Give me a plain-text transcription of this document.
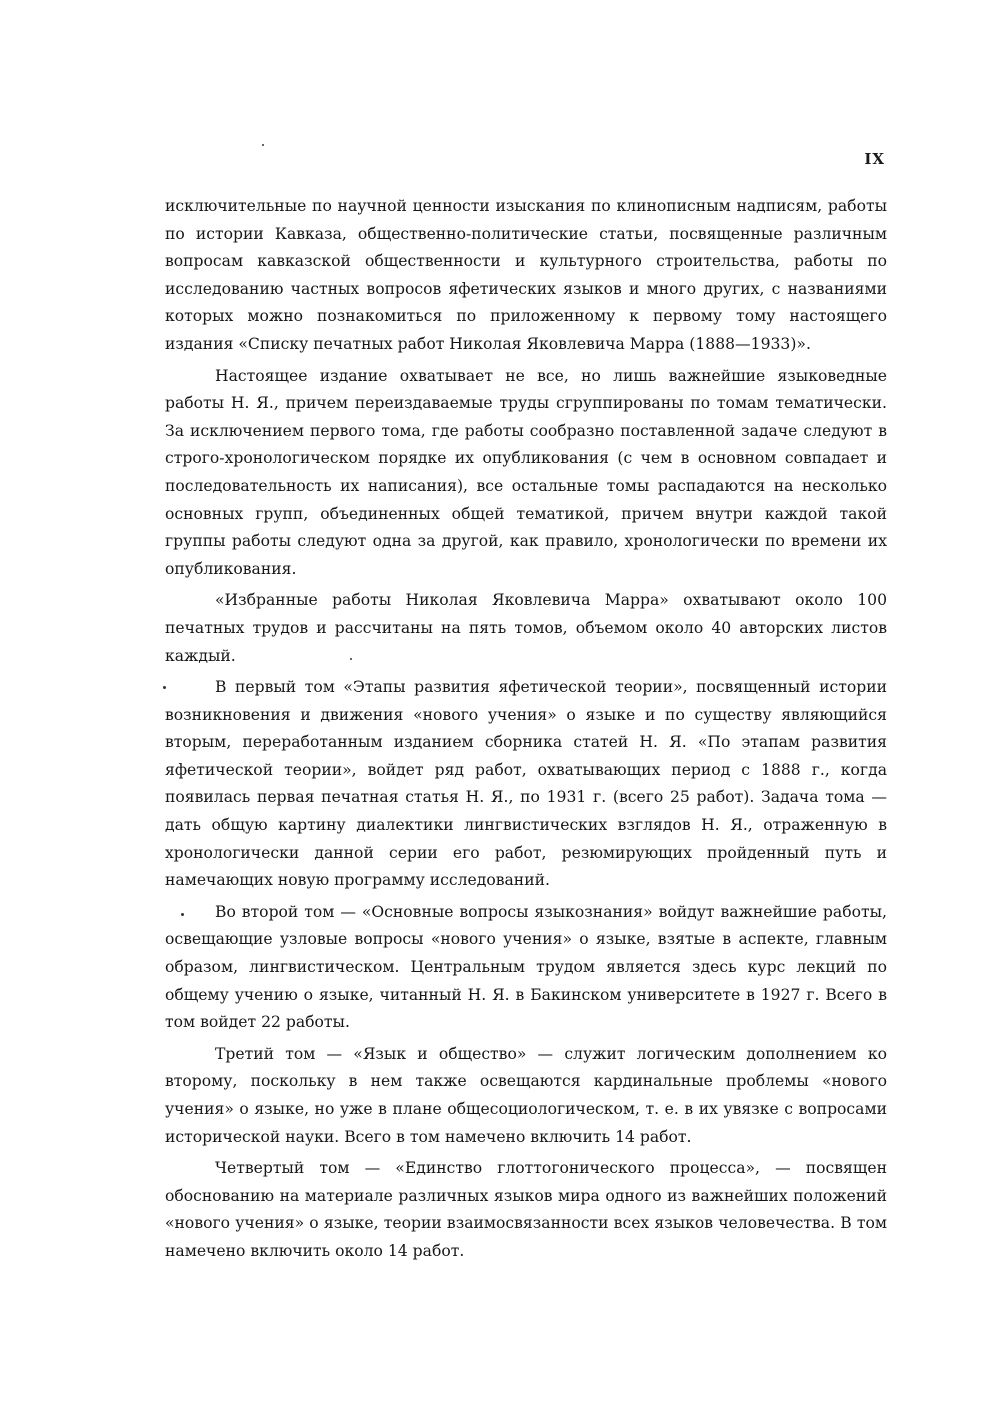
IX

исключительные по научной ценности изыскания по клинописным надписям, работы по истории Кавказа, общественно-политические статьи, посвященные различным вопросам кавказской общественности и культурного строительства, работы по исследованию частных вопросов яфетических языков и много других, с названиями которых можно познакомиться по приложенному к первому тому настоящего издания «Списку печатных работ Николая Яковлевича Марра (1888—1933)».

Настоящее издание охватывает не все, но лишь важнейшие языковедные работы Н. Я., причем переиздаваемые труды сгруппированы по томам тематически. За исключением первого тома, где работы сообразно поставленной задаче следуют в строго-хронологическом порядке их опубликования (с чем в основном совпадает и последовательность их написания), все остальные томы распадаются на несколько основных групп, объединенных общей тематикой, причем внутри каждой такой группы работы следуют одна за другой, как правило, хронологически по времени их опубликования.

«Избранные работы Николая Яковлевича Марра» охватывают около 100 печатных трудов и рассчитаны на пять томов, объемом около 40 авторских листов каждый.

В первый том «Этапы развития яфетической теории», посвященный истории возникновения и движения «нового учения» о языке и по существу являющийся вторым, переработанным изданием сборника статей Н. Я. «По этапам развития яфетической теории», войдет ряд работ, охватывающих период с 1888 г., когда появилась первая печатная статья Н. Я., по 1931 г. (всего 25 работ). Задача тома — дать общую картину диалектики лингвистических взглядов Н. Я., отраженную в хронологически данной серии его работ, резюмирующих пройденный путь и намечающих новую программу исследований.

Во второй том — «Основные вопросы языкознания» войдут важнейшие работы, освещающие узловые вопросы «нового учения» о языке, взятые в аспекте, главным образом, лингвистическом. Центральным трудом является здесь курс лекций по общему учению о языке, читанный Н. Я. в Бакинском университете в 1927 г. Всего в том войдет 22 работы.

Третий том — «Язык и общество» — служит логическим дополнением ко второму, поскольку в нем также освещаются кардинальные проблемы «нового учения» о языке, но уже в плане общесоциологическом, т. е. в их увязке с вопросами исторической науки. Всего в том намечено включить 14 работ.

Четвертый том — «Единство глоттогонического процесса», — посвящен обоснованию на материале различных языков мира одного из важнейших положений «нового учения» о языке, теории взаимосвязанности всех языков человечества. В том намечено включить около 14 работ.
